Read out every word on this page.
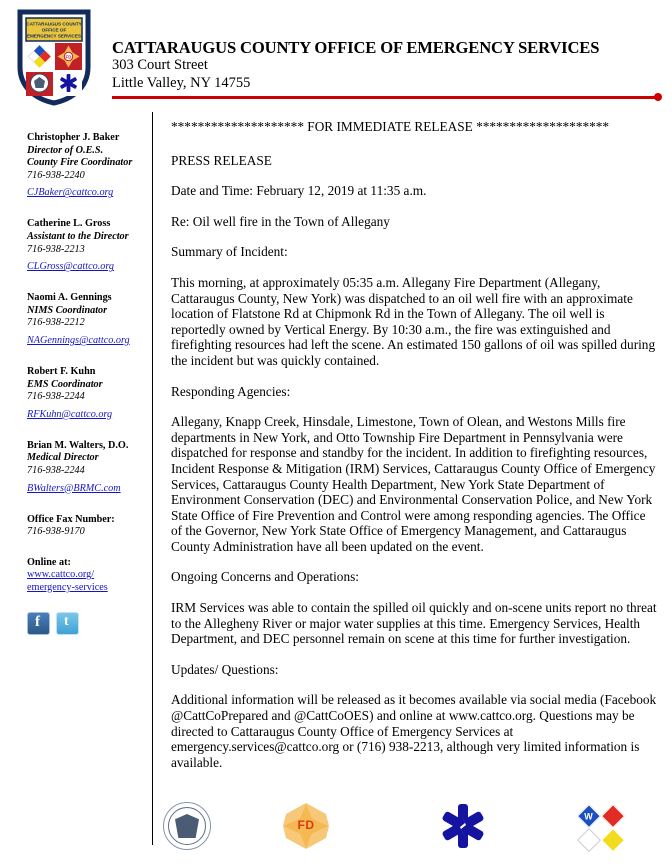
CATTARAUGUS COUNTY
OFFICE OF
EMERGENCY SERVICES
FD CATTARAUGUS COUNTY OFFICE OF EMERGENCY SERVICES
303 Court Street
Little Valley, NY 14755
Christopher J. Baker
Director of O.E.S.
County Fire Coordinator
716-938-2240
CJBaker@cattco.org
Catherine L. Gross
Assistant to the Director
716-938-2213
CLGross@cattco.org
Naomi A. Gennings
NIMS Coordinator
716-938-2212
NAGennings@cattco.org
Robert F. Kuhn
EMS Coordinator
716-938-2244
RFKuhn@cattco.org
Brian M. Walters, D.O.
Medical Director
716-938-2244
BWalters@BRMC.com
Office Fax Number:
716-938-9170
Online at:
www.cattco.org/
emergency-services
f
t
******************** FOR IMMEDIATE RELEASE ********************
PRESS RELEASE
Date and Time: February 12, 2019 at 11:35 a.m.
Re: Oil well fire in the Town of Allegany
Summary of Incident:
This morning, at approximately 05:35 a.m. Allegany Fire Department (Allegany, Cattaraugus County, New York) was dispatched to an oil well fire with an approximate location of Flatstone Rd at Chipmonk Rd in the Town of Allegany. The oil well is reportedly owned by Vertical Energy. By 10:30 a.m., the fire was extinguished and firefighting resources had left the scene. An estimated 150 gallons of oil was spilled during the incident but was quickly contained.
Responding Agencies:
Allegany, Knapp Creek, Hinsdale, Limestone, Town of Olean, and Westons Mills fire departments in New York, and Otto Township Fire Department in Pennsylvania were dispatched for response and standby for the incident. In addition to firefighting resources, Incident Response & Mitigation (IRM) Services, Cattaraugus County Office of Emergency Services, Cattaraugus County Health Department, New York State Department of Environment Conservation (DEC) and Environmental Conservation Police, and New York State Office of Fire Prevention and Control were among responding agencies. The Office of the Governor, New York State Office of Emergency Management, and Cattaraugus County Administration have all been updated on the event.
Ongoing Concerns and Operations:
IRM Services was able to contain the spilled oil quickly and on-scene units report no threat to the Allegheny River or major water supplies at this time. Emergency Services, Health Department, and DEC personnel remain on scene at this time for further investigation.
Updates/ Questions:
Additional information will be released as it becomes available via social media (Facebook @CattCoPrepared and @CattCoOES) and online at www.cattco.org. Questions may be directed to Cattaraugus County Office of Emergency Services at emergency.services@cattco.org or (716) 938-2213, although very limited information is available.
FD
W
